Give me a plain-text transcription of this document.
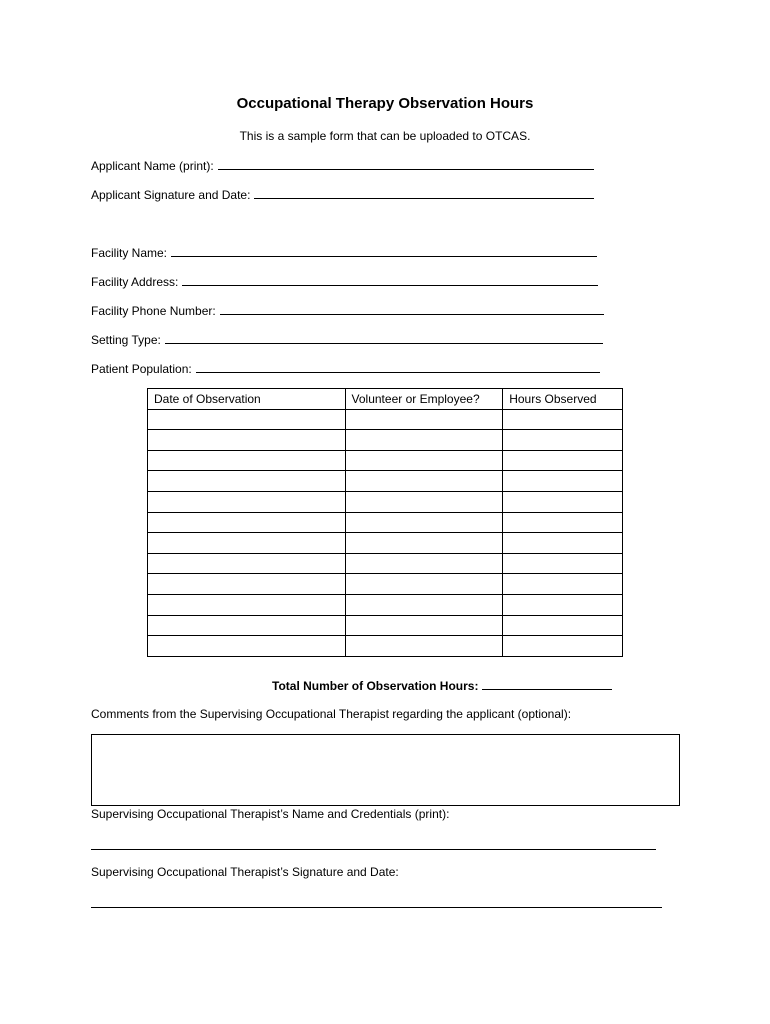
Occupational Therapy Observation Hours
This is a sample form that can be uploaded to OTCAS.
Applicant Name (print):
Applicant Signature and Date:
Facility Name:
Facility Address:
Facility Phone Number:
Setting Type:
Patient Population:
Date of Observation	Volunteer or Employee?	Hours Observed

Total Number of Observation Hours:
Comments from the Supervising Occupational Therapist regarding the applicant (optional):
Supervising Occupational Therapist’s Name and Credentials (print):
Supervising Occupational Therapist’s Signature and Date:
